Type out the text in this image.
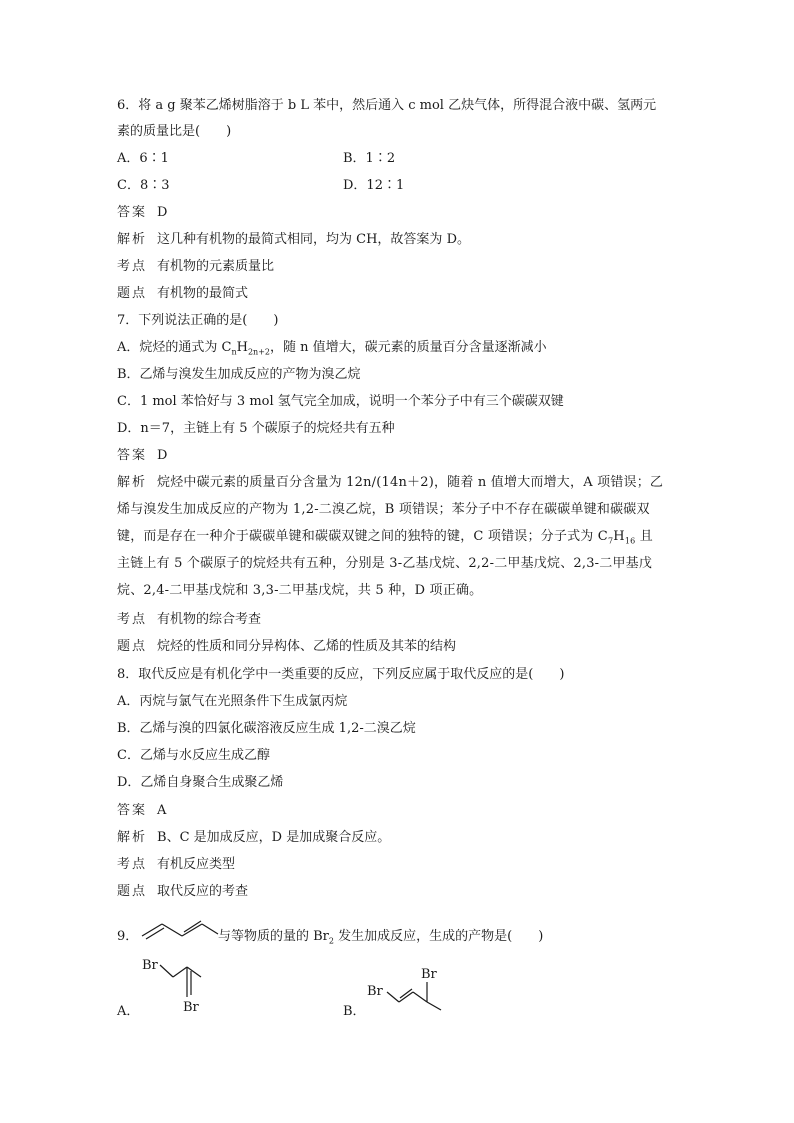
6．将 a g 聚苯乙烯树脂溶于 b L 苯中，然后通入 c mol 乙炔气体，所得混合液中碳、氢两元
素的质量比是(　　)
A．6∶1	B．1∶2
C．8∶3	D．12∶1
答案 D
解析 这几种有机物的最简式相同，均为 CH，故答案为 D。
考点 有机物的元素质量比
题点 有机物的最简式
7．下列说法正确的是(　　)
A．烷烃的通式为 $C_nH_{2n+2}$，随 n 值增大，碳元素的质量百分含量逐渐减小
B．乙烯与溴发生加成反应的产物为溴乙烷
C．1 mol 苯恰好与 3 mol 氢气完全加成，说明一个苯分子中有三个碳碳双键
D．n＝7，主链上有 5 个碳原子的烷烃共有五种
答案 D
解析 烷烃中碳元素的质量百分含量为 12n/(14n＋2)，随着 n 值增大而增大，A 项错误；乙
烯与溴发生加成反应的产物为 1,2-二溴乙烷，B 项错误；苯分子中不存在碳碳单键和碳碳双
键，而是存在一种介于碳碳单键和碳碳双键之间的独特的键，C 项错误；分子式为 $C_7H_{16}$ 且
主链上有 5 个碳原子的烷烃共有五种，分别是 3-乙基戊烷、2,2-二甲基戊烷、2,3-二甲基戊
烷、2,4-二甲基戊烷和 3,3-二甲基戊烷，共 5 种，D 项正确。
考点 有机物的综合考查
题点 烷烃的性质和同分异构体、乙烯的性质及其苯的结构
8．取代反应是有机化学中一类重要的反应，下列反应属于取代反应的是(　　)
A．丙烷与氯气在光照条件下生成氯丙烷
B．乙烯与溴的四氯化碳溶液反应生成 1,2-二溴乙烷
C．乙烯与水反应生成乙醇
D．乙烯自身聚合生成聚乙烯
答案 A
解析 B、C 是加成反应，D 是加成聚合反应。
考点 有机反应类型
题点 取代反应的考查
9．	与等物质的量的 $Br_2$ 发生加成反应，生成的产物是(　　)
A．
Br
Br	B．
Br
Br
